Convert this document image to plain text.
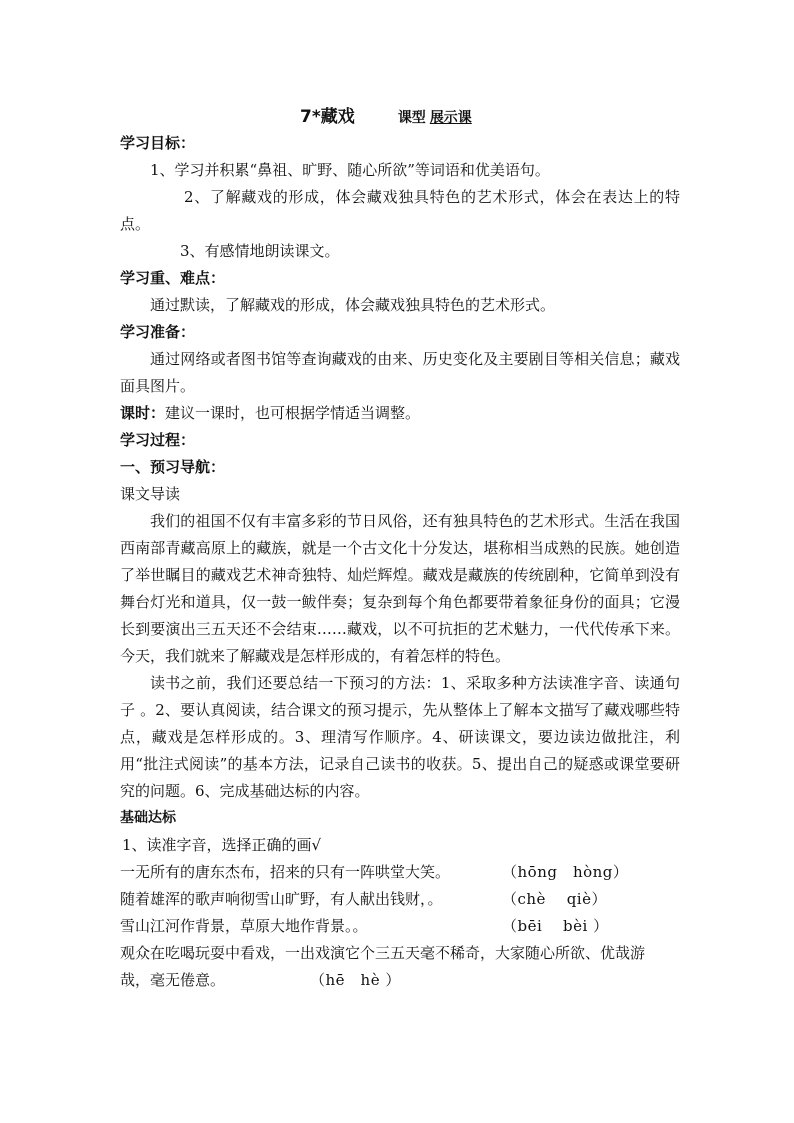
7*藏戏	课型 展示课
学习目标：

1、学习并积累“鼻祖、旷野、随心所欲”等词语和优美语句。

2、了解藏戏的形成，体会藏戏独具特色的艺术形式，体会在表达上的特点。

3、有感情地朗读课文。

学习重、难点：

通过默读，了解藏戏的形成，体会藏戏独具特色的艺术形式。

学习准备：

通过网络或者图书馆等查询藏戏的由来、历史变化及主要剧目等相关信息；藏戏面具图片。

课时：建议一课时，也可根据学情适当调整。

学习过程：
一、预习导航：
课文导读

我们的祖国不仅有丰富多彩的节日风俗，还有独具特色的艺术形式。生活在我国西南部青藏高原上的藏族，就是一个古文化十分发达，堪称相当成熟的民族。她创造了举世瞩目的藏戏艺术神奇独特、灿烂辉煌。藏戏是藏族的传统剧种，它简单到没有舞台灯光和道具，仅一鼓一鲅伴奏；复杂到每个角色都要带着象征身份的面具；它漫长到要演出三五天还不会结束……藏戏，以不可抗拒的艺术魅力，一代代传承下来。今天，我们就来了解藏戏是怎样形成的，有着怎样的特色。

读书之前，我们还要总结一下预习的方法：1、采取多种方法读准字音、读通句子 。2、要认真阅读，结合课文的预习提示，先从整体上了解本文描写了藏戏哪些特点，藏戏是怎样形成的。3、理清写作顺序。4、研读课文，要边读边做批注，利用“批注式阅读”的基本方法，记录自己读书的收获。5、提出自己的疑惑或课堂要研究的问题。6、完成基础达标的内容。

基础达标
1、读准字音，选择正确的画√
一无所有的唐东杰布，招来的只有一阵哄堂大笑。	（hōng　hòng）
随着雄浑的歌声响彻雪山旷野，有人献出钱财，。	（chè　 qiè）
雪山江河作背景，草原大地作背景。。	（bēi　 bèi ）
观众在吃喝玩耍中看戏，一出戏演它个三五天毫不稀奇，大家随心所欲、优哉游
哉，毫无倦意。	（hē　hè ）
